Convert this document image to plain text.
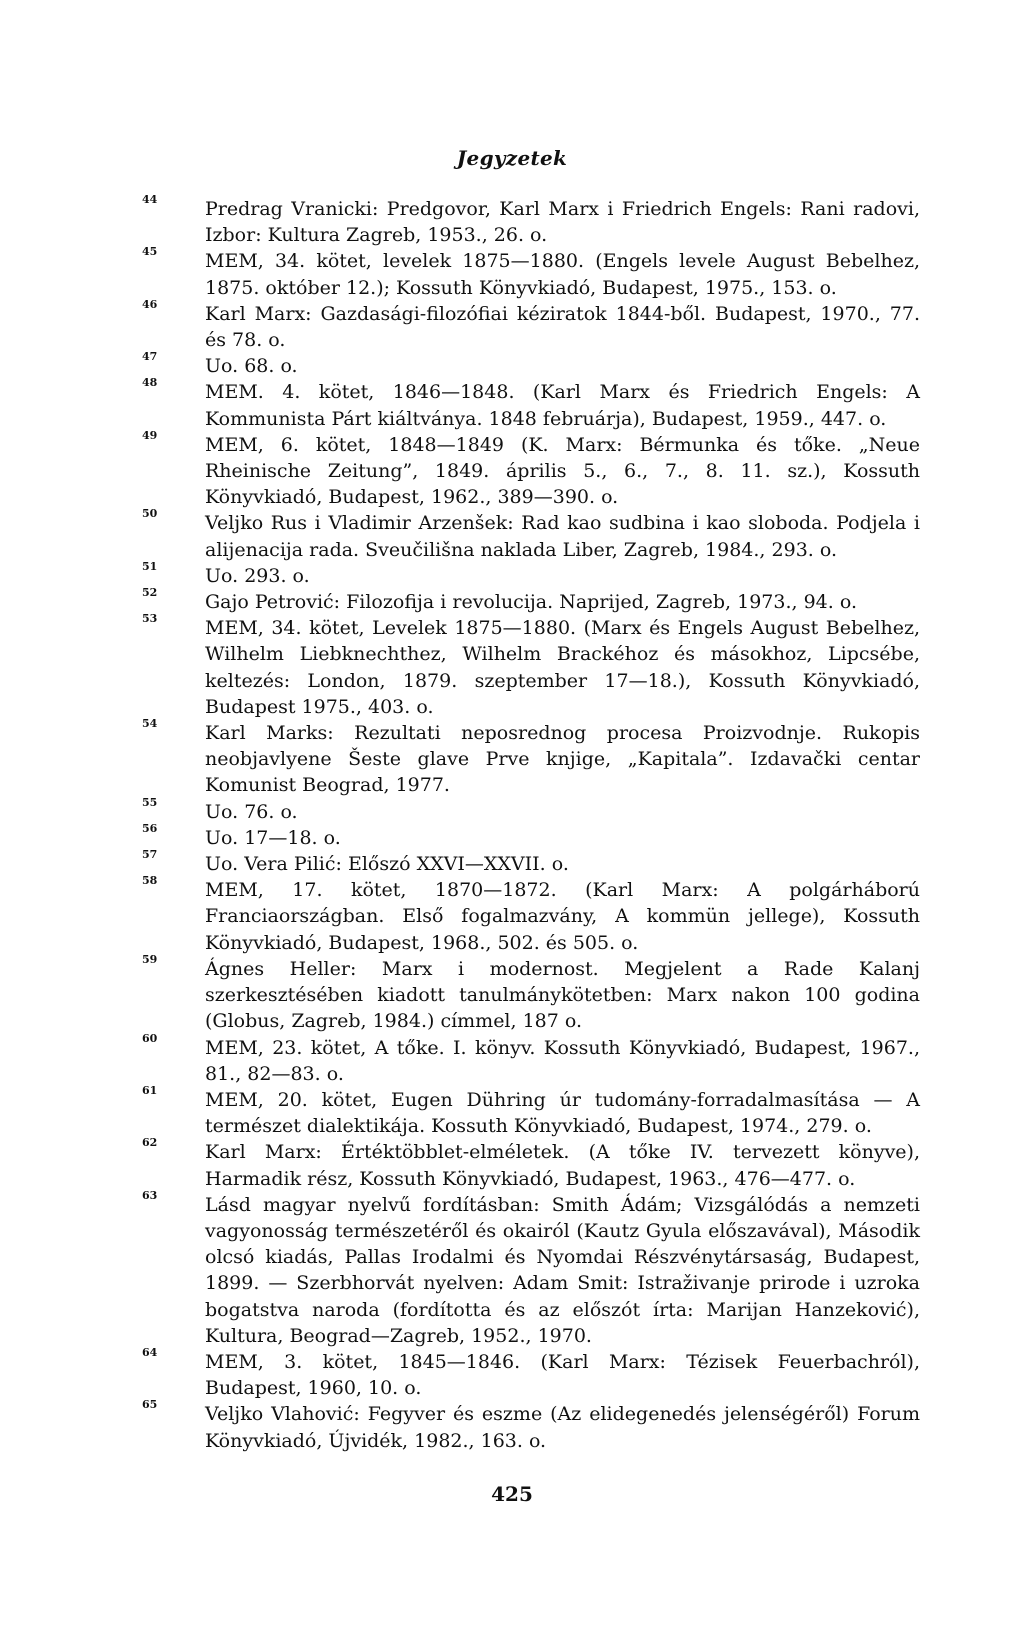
Jegyzetek
44	Predrag Vranicki: Predgovor, Karl Marx i Friedrich Engels: Rani radovi, Izbor: Kultura Zagreb, 1953., 26. o.
45	MEM, 34. kötet, levelek 1875—1880. (Engels levele August Bebelhez, 1875. október 12.); Kossuth Könyvkiadó, Budapest, 1975., 153. o.
46	Karl Marx: Gazdasági-filozófiai kéziratok 1844-ből. Budapest, 1970., 77. és 78. o.
47	Uo. 68. o.
48	MEM. 4. kötet, 1846—1848. (Karl Marx és Friedrich Engels: A Kommunista Párt kiáltványa. 1848 februárja), Budapest, 1959., 447. o.
49	MEM, 6. kötet, 1848—1849 (K. Marx: Bérmunka és tőke. „Neue Rheinische Zeitung”, 1849. április 5., 6., 7., 8. 11. sz.), Kossuth Könyvkiadó, Budapest, 1962., 389—390. o.
50	Veljko Rus i Vladimir Arzenšek: Rad kao sudbina i kao sloboda. Podjela i alijenacija rada. Sveučilišna naklada Liber, Zagreb, 1984., 293. o.
51	Uo. 293. o.
52	Gajo Petrović: Filozofija i revolucija. Naprijed, Zagreb, 1973., 94. o.
53	MEM, 34. kötet, Levelek 1875—1880. (Marx és Engels August Bebelhez, Wilhelm Liebknechthez, Wilhelm Brackéhoz és másokhoz, Lipcsébe, keltezés: London, 1879. szeptember 17—18.), Kossuth Könyvkiadó, Budapest 1975., 403. o.
54	Karl Marks: Rezultati neposrednog procesa Proizvodnje. Rukopis neobjavlyene Šeste glave Prve knjige, „Kapitala”. Izdavački centar Komunist Beograd, 1977.
55	Uo. 76. o.
56	Uo. 17—18. o.
57	Uo. Vera Pilić: Előszó XXVI—XXVII. o.
58	MEM, 17. kötet, 1870—1872. (Karl Marx: A polgárháború Franciaországban. Első fogalmazvány, A kommün jellege), Kossuth Könyvkiadó, Budapest, 1968., 502. és 505. o.
59	Ágnes Heller: Marx i modernost. Megjelent a Rade Kalanj szerkesztésében kiadott tanulmánykötetben: Marx nakon 100 godina (Globus, Zagreb, 1984.) címmel, 187 o.
60	MEM, 23. kötet, A tőke. I. könyv. Kossuth Könyvkiadó, Budapest, 1967., 81., 82—83. o.
61	MEM, 20. kötet, Eugen Dühring úr tudomány-forradalmasítása — A természet dialektikája. Kossuth Könyvkiadó, Budapest, 1974., 279. o.
62	Karl Marx: Értéktöbblet-elméletek. (A tőke IV. tervezett könyve), Harmadik rész, Kossuth Könyvkiadó, Budapest, 1963., 476—477. o.
63	Lásd magyar nyelvű fordításban: Smith Ádám; Vizsgálódás a nemzeti vagyonosság természetéről és okairól (Kautz Gyula előszavával), Második olcsó kiadás, Pallas Irodalmi és Nyomdai Részvénytársaság, Budapest, 1899. — Szerbhorvát nyelven: Adam Smit: Istraživanje prirode i uzroka bogatstva naroda (fordította és az előszót írta: Marijan Hanzeković), Kultura, Beograd—Zagreb, 1952., 1970.
64	MEM, 3. kötet, 1845—1846. (Karl Marx: Tézisek Feuerbachról), Budapest, 1960, 10. o.
65	Veljko Vlahović: Fegyver és eszme (Az elidegenedés jelenségéről) Forum Könyvkiadó, Újvidék, 1982., 163. o.
425
